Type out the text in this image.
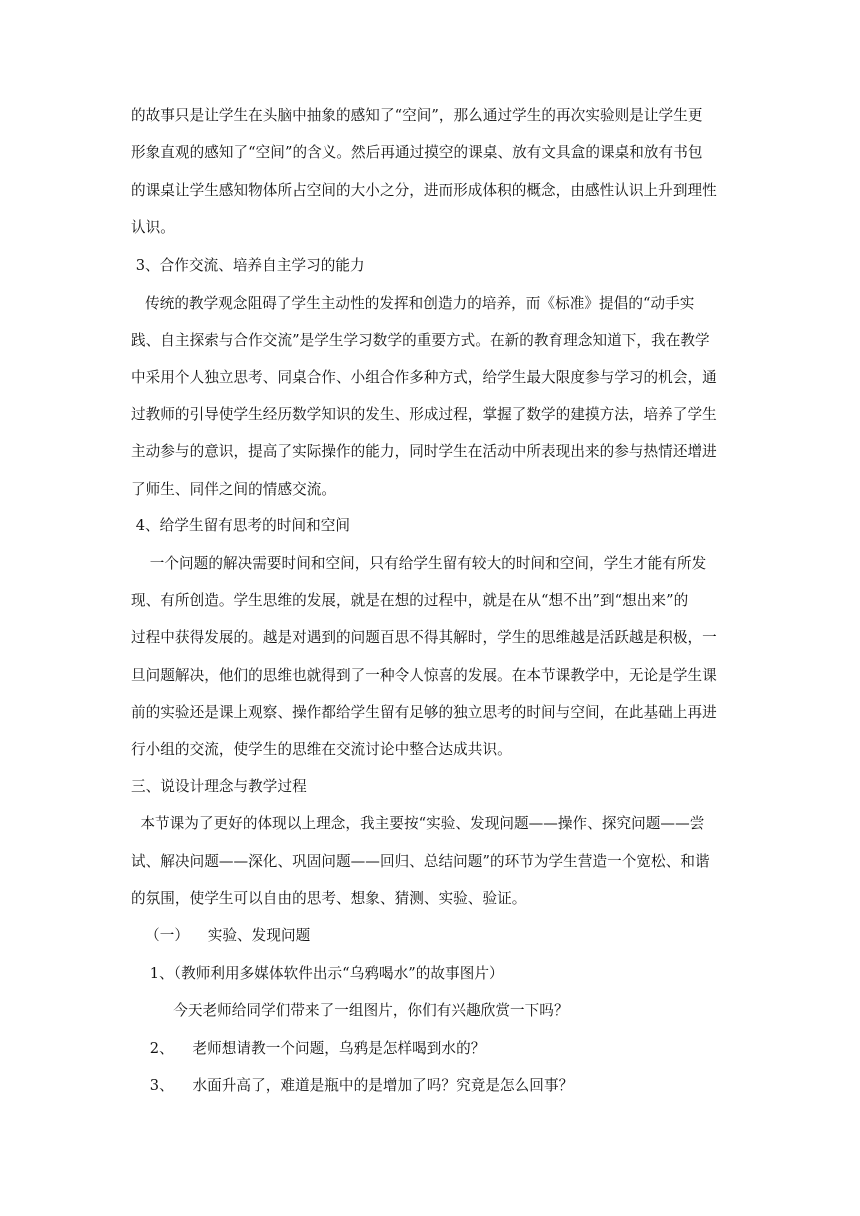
的故事只是让学生在头脑中抽象的感知了“空间”，那么通过学生的再次实验则是让学生更
形象直观的感知了“空间”的含义。然后再通过摸空的课桌、放有文具盒的课桌和放有书包
的课桌让学生感知物体所占空间的大小之分，进而形成体积的概念，由感性认识上升到理性
认识。
3、合作交流、培养自主学习的能力
传统的教学观念阻碍了学生主动性的发挥和创造力的培养，而《标准》提倡的“动手实
践、自主探索与合作交流”是学生学习数学的重要方式。在新的教育理念知道下，我在教学
中采用个人独立思考、同桌合作、小组合作多种方式，给学生最大限度参与学习的机会，通
过教师的引导使学生经历数学知识的发生、形成过程，掌握了数学的建摸方法，培养了学生
主动参与的意识，提高了实际操作的能力，同时学生在活动中所表现出来的参与热情还增进
了师生、同伴之间的情感交流。
4、给学生留有思考的时间和空间
一个问题的解决需要时间和空间，只有给学生留有较大的时间和空间，学生才能有所发
现、有所创造。学生思维的发展，就是在想的过程中，就是在从“想不出”到“想出来”的
过程中获得发展的。越是对遇到的问题百思不得其解时，学生的思维越是活跃越是积极，一
旦问题解决，他们的思维也就得到了一种令人惊喜的发展。在本节课教学中，无论是学生课
前的实验还是课上观察、操作都给学生留有足够的独立思考的时间与空间，在此基础上再进
行小组的交流，使学生的思维在交流讨论中整合达成共识。
三、说设计理念与教学过程
本节课为了更好的体现以上理念，我主要按“实验、发现问题——操作、探究问题——尝
试、解决问题——深化、巩固问题——回归、总结问题”的环节为学生营造一个宽松、和谐
的氛围，使学生可以自由的思考、想象、猜测、实验、验证。
（一）    实验、发现问题
1、（教师利用多媒体软件出示“乌鸦喝水”的故事图片）
今天老师给同学们带来了一组图片，你们有兴趣欣赏一下吗？
2、    老师想请教一个问题，乌鸦是怎样喝到水的？
3、    水面升高了，难道是瓶中的是增加了吗？究竟是怎么回事？
